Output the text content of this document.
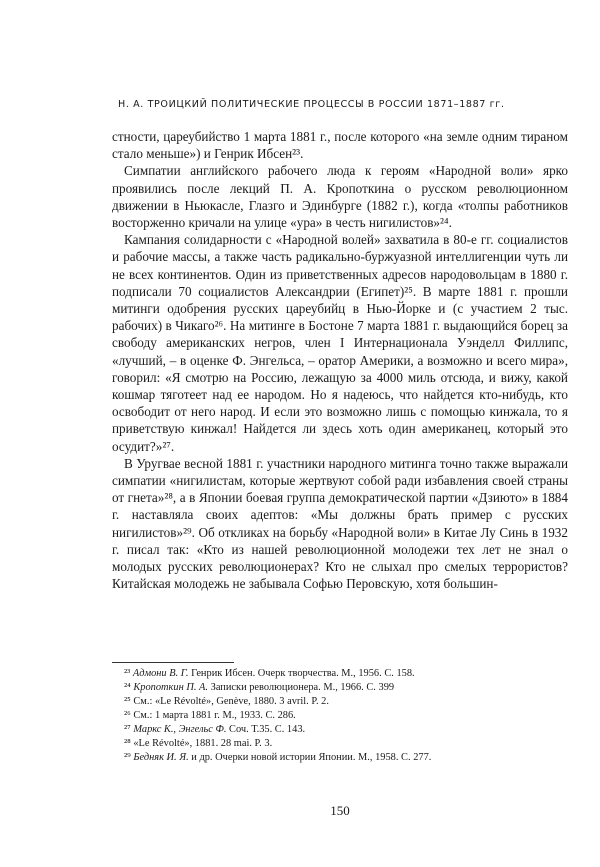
Н. А. ТРОИЦКИЙ ПОЛИТИЧЕСКИЕ ПРОЦЕССЫ В РОССИИ 1871–1887 гг.

стности, цареубийство 1 марта 1881 г., после которого «на земле одним тираном стало меньше») и Генрик Ибсен²³.

Симпатии английского рабочего люда к героям «Народной воли» ярко проявились после лекций П. А. Кропоткина о русском революционном движении в Ньюкасле, Глазго и Эдинбурге (1882 г.), когда «толпы работников восторженно кричали на улице «ура» в честь нигилистов»²⁴.

Кампания солидарности с «Народной волей» захватила в 80-е гг. социалистов и рабочие массы, а также часть радикально-буржуазной интеллигенции чуть ли не всех континентов. Один из приветственных адресов народовольцам в 1880 г. подписали 70 социалистов Александрии (Египет)²⁵. В марте 1881 г. прошли митинги одобрения русских цареубийц в Нью-Йорке и (с участием 2 тыс. рабочих) в Чикаго²⁶. На митинге в Бостоне 7 марта 1881 г. выдающийся борец за свободу американских негров, член I Интернационала Уэнделл Филлипс, «лучший, – в оценке Ф. Энгельса, – оратор Америки, а возможно и всего мира», говорил: «Я смотрю на Россию, лежащую за 4000 миль отсюда, и вижу, какой кошмар тяготеет над ее народом. Но я надеюсь, что найдется кто-нибудь, кто освободит от него народ. И если это возможно лишь с помощью кинжала, то я приветствую кинжал! Найдется ли здесь хоть один американец, который это осудит?»²⁷.

В Уругвае весной 1881 г. участники народного митинга точно также выражали симпатии «нигилистам, которые жертвуют собой ради избавления своей страны от гнета»²⁸, а в Японии боевая группа демократической партии «Дзиюто» в 1884 г. наставляла своих адептов: «Мы должны брать пример с русских нигилистов»²⁹. Об откликах на борьбу «Народной воли» в Китае Лу Синь в 1932 г. писал так: «Кто из нашей революционной молодежи тех лет не знал о молодых русских революционерах? Кто не слыхал про смелых террористов? Китайская молодежь не забывала Софью Перовскую, хотя большин-

²³ Адмони В. Г. Генрик Ибсен. Очерк творчества. М., 1956. С. 158.
²⁴ Кропоткин П. А. Записки революционера. М., 1966. С. 399
²⁵ См.: «Le Révolté», Genève, 1880. 3 avril. P. 2.
²⁶ См.: 1 марта 1881 г. М., 1933. С. 286.
²⁷ Маркс К., Энгельс Ф. Соч. Т.35. С. 143.
²⁸ «Le Révolté», 1881. 28 mai. P. 3.
²⁹ Бедняк И. Я. и др. Очерки новой истории Японии. М., 1958. С. 277.
150
